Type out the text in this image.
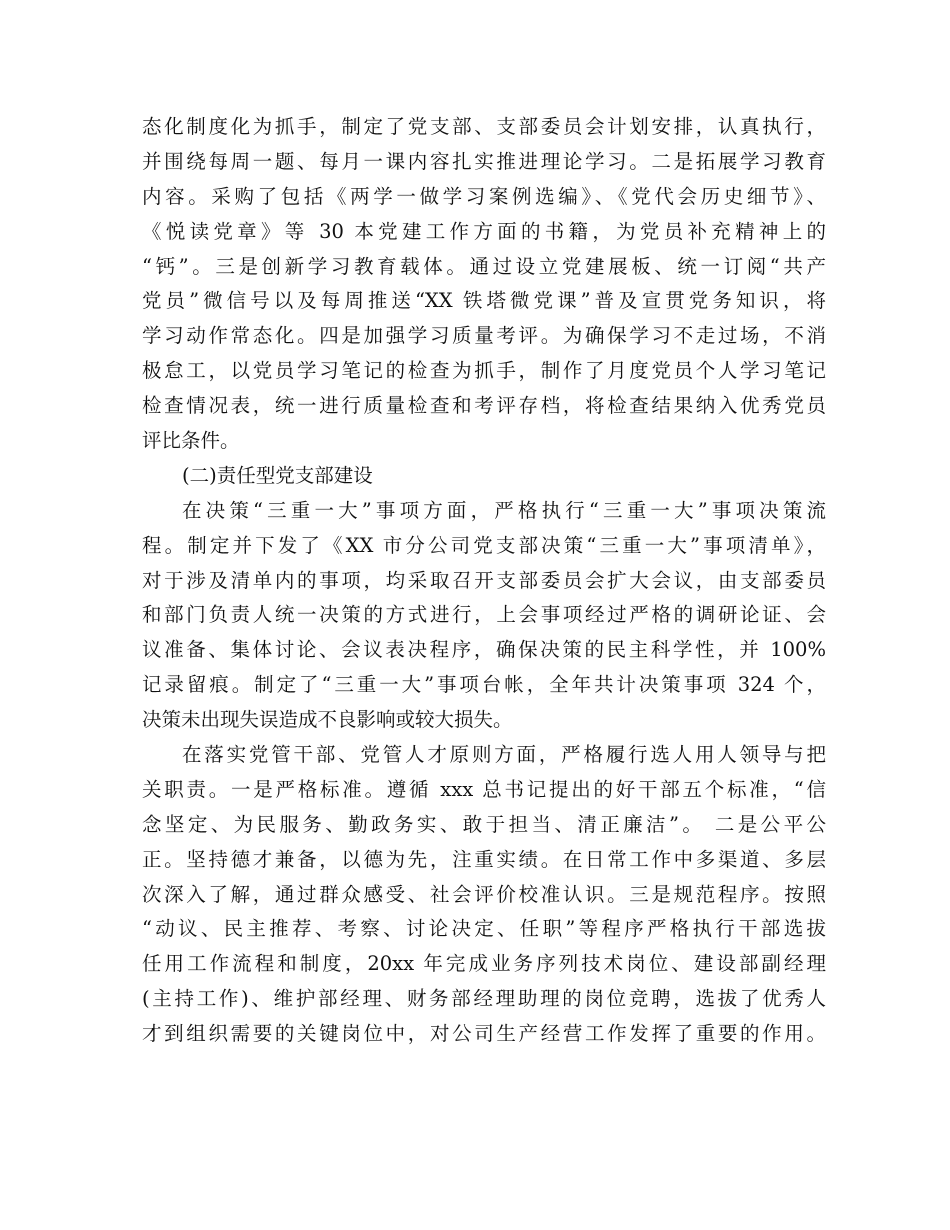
态化制度化为抓手，制定了党支部、支部委员会计划安排，认真执行，
并围绕每周一题、每月一课内容扎实推进理论学习。二是拓展学习教育
内容。采购了包括《两学一做学习案例选编》、《党代会历史细节》、
《悦读党章》等 30 本党建工作方面的书籍，为党员补充精神上的
“钙”。三是创新学习教育载体。通过设立党建展板、统一订阅“共产
党员”微信号以及每周推送“XX 铁塔微党课”普及宣贯党务知识，将
学习动作常态化。四是加强学习质量考评。为确保学习不走过场，不消
极怠工，以党员学习笔记的检查为抓手，制作了月度党员个人学习笔记
检查情况表，统一进行质量检查和考评存档，将检查结果纳入优秀党员
评比条件。
(二)责任型党支部建设
在决策“三重一大”事项方面，严格执行“三重一大”事项决策流
程。制定并下发了《XX 市分公司党支部决策“三重一大”事项清单》，
对于涉及清单内的事项，均采取召开支部委员会扩大会议，由支部委员
和部门负责人统一决策的方式进行，上会事项经过严格的调研论证、会
议准备、集体讨论、会议表决程序，确保决策的民主科学性，并 100%
记录留痕。制定了“三重一大”事项台帐，全年共计决策事项 324 个，
决策未出现失误造成不良影响或较大损失。
在落实党管干部、党管人才原则方面，严格履行选人用人领导与把
关职责。一是严格标准。遵循 xxx 总书记提出的好干部五个标准，“信
念坚定、为民服务、勤政务实、敢于担当、清正廉洁”。 二是公平公
正。坚持德才兼备，以德为先，注重实绩。在日常工作中多渠道、多层
次深入了解，通过群众感受、社会评价校准认识。三是规范程序。按照
“动议、民主推荐、考察、讨论决定、任职”等程序严格执行干部选拔
任用工作流程和制度，20xx 年完成业务序列技术岗位、建设部副经理
(主持工作)、维护部经理、财务部经理助理的岗位竞聘，选拔了优秀人
才到组织需要的关键岗位中，对公司生产经营工作发挥了重要的作用。
